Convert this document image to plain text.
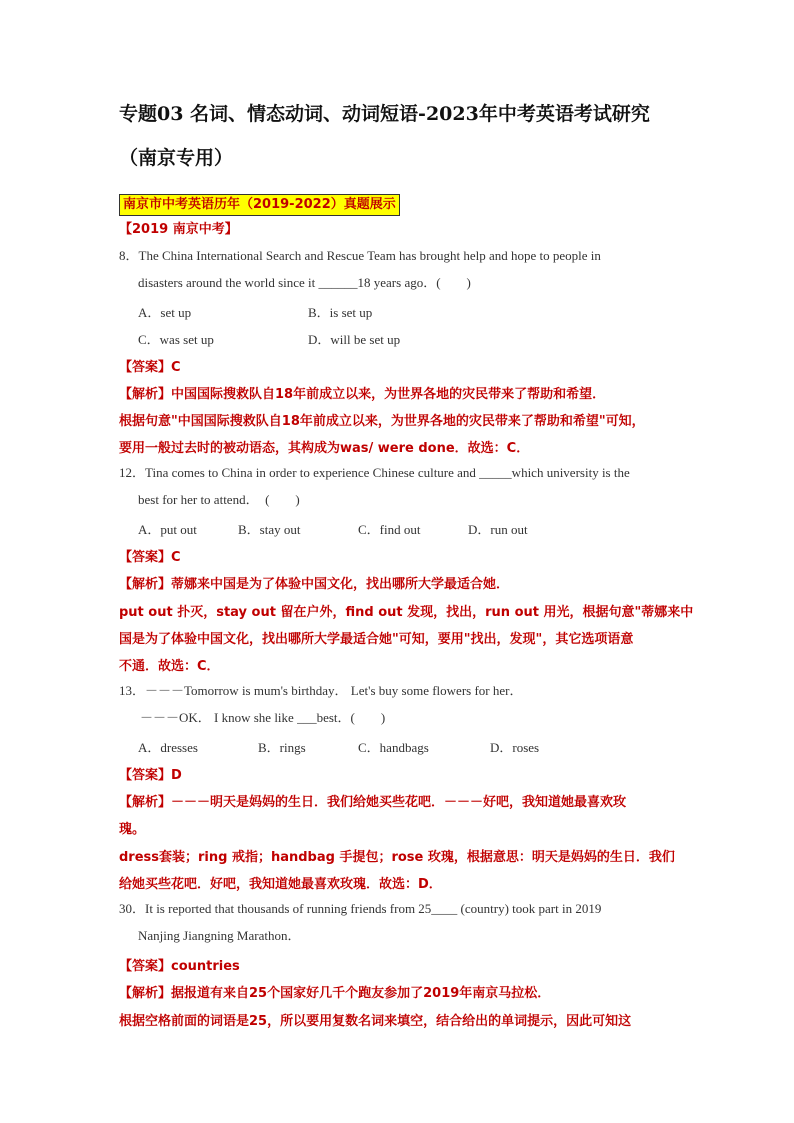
专题03 名词、情态动词、动词短语-2023年中考英语考试研究（南京专用）
南京市中考英语历年（2019-2022）真题展示
【2019 南京中考】
8．The China International Search and Rescue Team has brought help and hope to people in
disasters around the world since it ______18 years ago．(　　)
A．set up	B．is set up
C．was set up	D．will be set up
【答案】C
【解析】中国国际搜救队自18年前成立以来，为世界各地的灾民带来了帮助和希望．
根据句意"中国国际搜救队自18年前成立以来，为世界各地的灾民带来了帮助和希望"可知，
要用一般过去时的被动语态，其构成为was/ were done．故选：C．
12．Tina comes to China in order to experience Chinese culture and _____which university is the
best for her to attend．　(　　)
A．put out	B．stay out	C．find out	D．run out
【答案】C
【解析】蒂娜来中国是为了体验中国文化，找出哪所大学最适合她．
put out 扑灭，stay out 留在户外，find out 发现，找出，run out 用光，根据句意"蒂娜来中
国是为了体验中国文化，找出哪所大学最适合她"可知，要用"找出，发现"，其它选项语意
不通．故选：C．
13．－－－Tomorrow is mum's birthday． Let's buy some flowers for her．
－－－OK． I know she like ___best．(　　)
A．dresses	B．rings	C．handbags	D．roses
【答案】D
【解析】－－－明天是妈妈的生日．我们给她买些花吧．－－－好吧，我知道她最喜欢玫
瑰。
dress套装；ring 戒指；handbag 手提包；rose 玫瑰，根据意思：明天是妈妈的生日．我们
给她买些花吧．好吧，我知道她最喜欢玫瑰．故选：D．
30．It is reported that thousands of running friends from 25____ (country) took part in 2019
Nanjing Jiangning Marathon．
【答案】countries
【解析】据报道有来自25个国家好几千个跑友参加了2019年南京马拉松．
根据空格前面的词语是25，所以要用复数名词来填空，结合给出的单词提示，因此可知这
